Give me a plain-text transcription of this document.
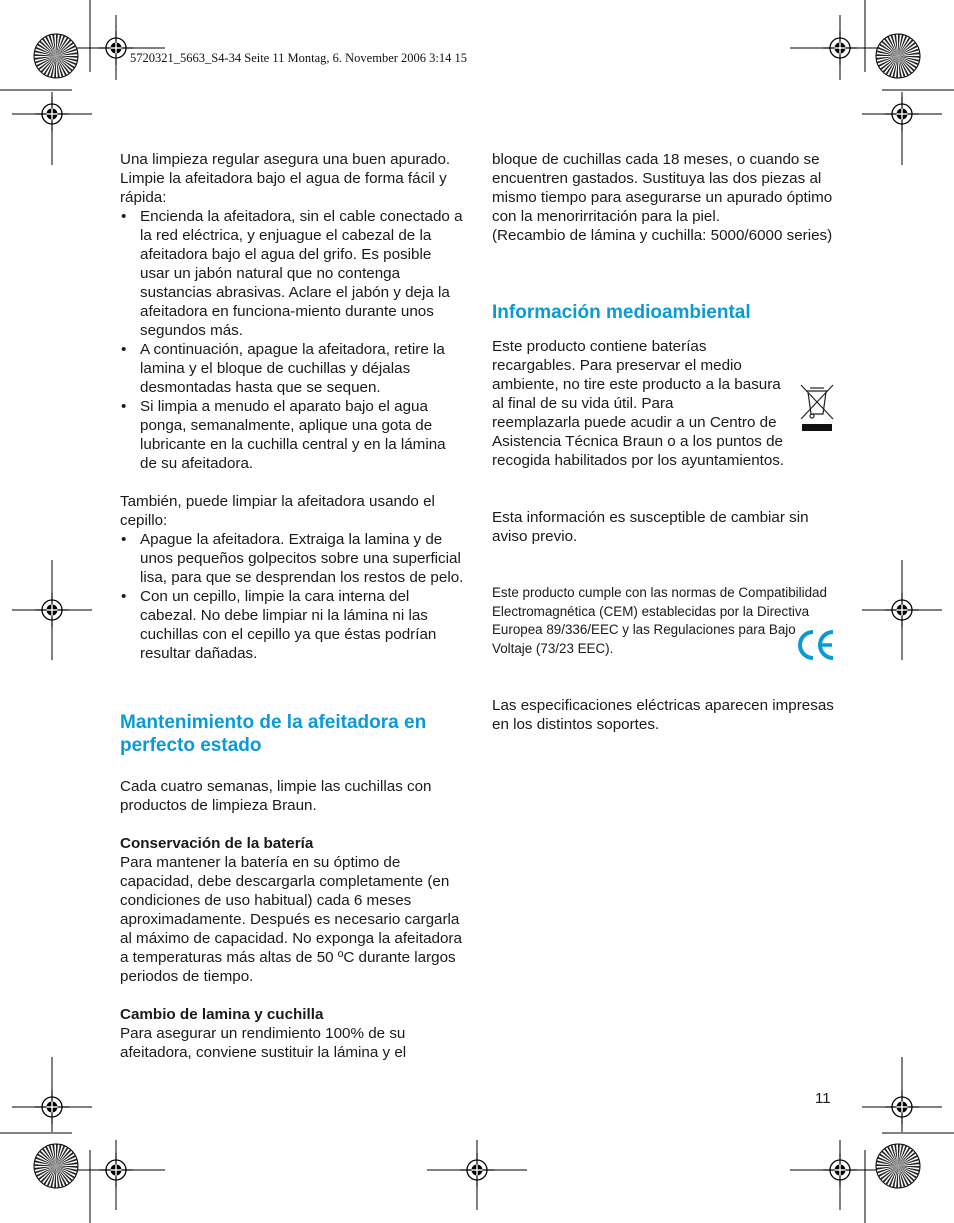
5720321_5663_S4-34 Seite 11 Montag, 6. November 2006 3:14 15

Una limpieza regular asegura una buen apurado. Limpie la afeitadora bajo el agua de forma fácil y rápida:

• Encienda la afeitadora, sin el cable conectado a la red eléctrica, y enjuague el cabezal de la afeitadora bajo el agua del grifo. Es posible usar un jabón natural que no contenga sustancias abrasivas. Aclare el jabón y deja la afeitadora en funciona-miento durante unos segundos más.
• A continuación, apague la afeitadora, retire la lamina y el bloque de cuchillas y déjalas desmontadas hasta que se sequen.
• Si limpia a menudo el aparato bajo el agua ponga, semanalmente, aplique una gota de lubricante en la cuchilla central y en la lámina de su afeitadora.

También, puede limpiar la afeitadora usando el cepillo:

• Apague la afeitadora. Extraiga la lamina y de unos pequeños golpecitos sobre una superficial lisa, para que se desprendan los restos de pelo.
• Con un cepillo, limpie la cara interna del cabezal. No debe limpiar ni la lámina ni las cuchillas con el cepillo ya que éstas podrían resultar dañadas.
Mantenimiento de la afeitadora en perfecto estado

Cada cuatro semanas, limpie las cuchillas con productos de limpieza Braun.

Conservación de la batería

Para mantener la batería en su óptimo de capacidad, debe descargarla completamente (en condiciones de uso habitual) cada 6 meses aproximadamente. Después es necesario cargarla al máximo de capacidad. No exponga la afeitadora a temperaturas más altas de 50 ºC durante largos periodos de tiempo.

Cambio de lamina y cuchilla

Para asegurar un rendimiento 100% de su afeitadora, conviene sustituir la lámina y el

bloque de cuchillas cada 18 meses, o cuando se encuentren gastados. Sustituya las dos piezas al mismo tiempo para asegurarse un apurado óptimo con la menorirritación para la piel.

(Recambio de lámina y cuchilla: 5000/6000 series)

Información medioambiental

Este producto contiene baterías recargables. Para preservar el medio ambiente, no tire este producto a la basura al final de su vida útil. Para

reemplazarla puede acudir a un Centro de Asistencia Técnica Braun o a los puntos de recogida habilitados por los ayuntamientos.

Esta información es susceptible de cambiar sin aviso previo.

Este producto cumple con las normas de Compatibilidad Electromagnética (CEM) establecidas por la Directiva Europea 89/336/EEC y las Regulaciones para Bajo Voltaje (73/23 EEC).

Las especificaciones eléctricas aparecen impresas en los distintos soportes.

11
